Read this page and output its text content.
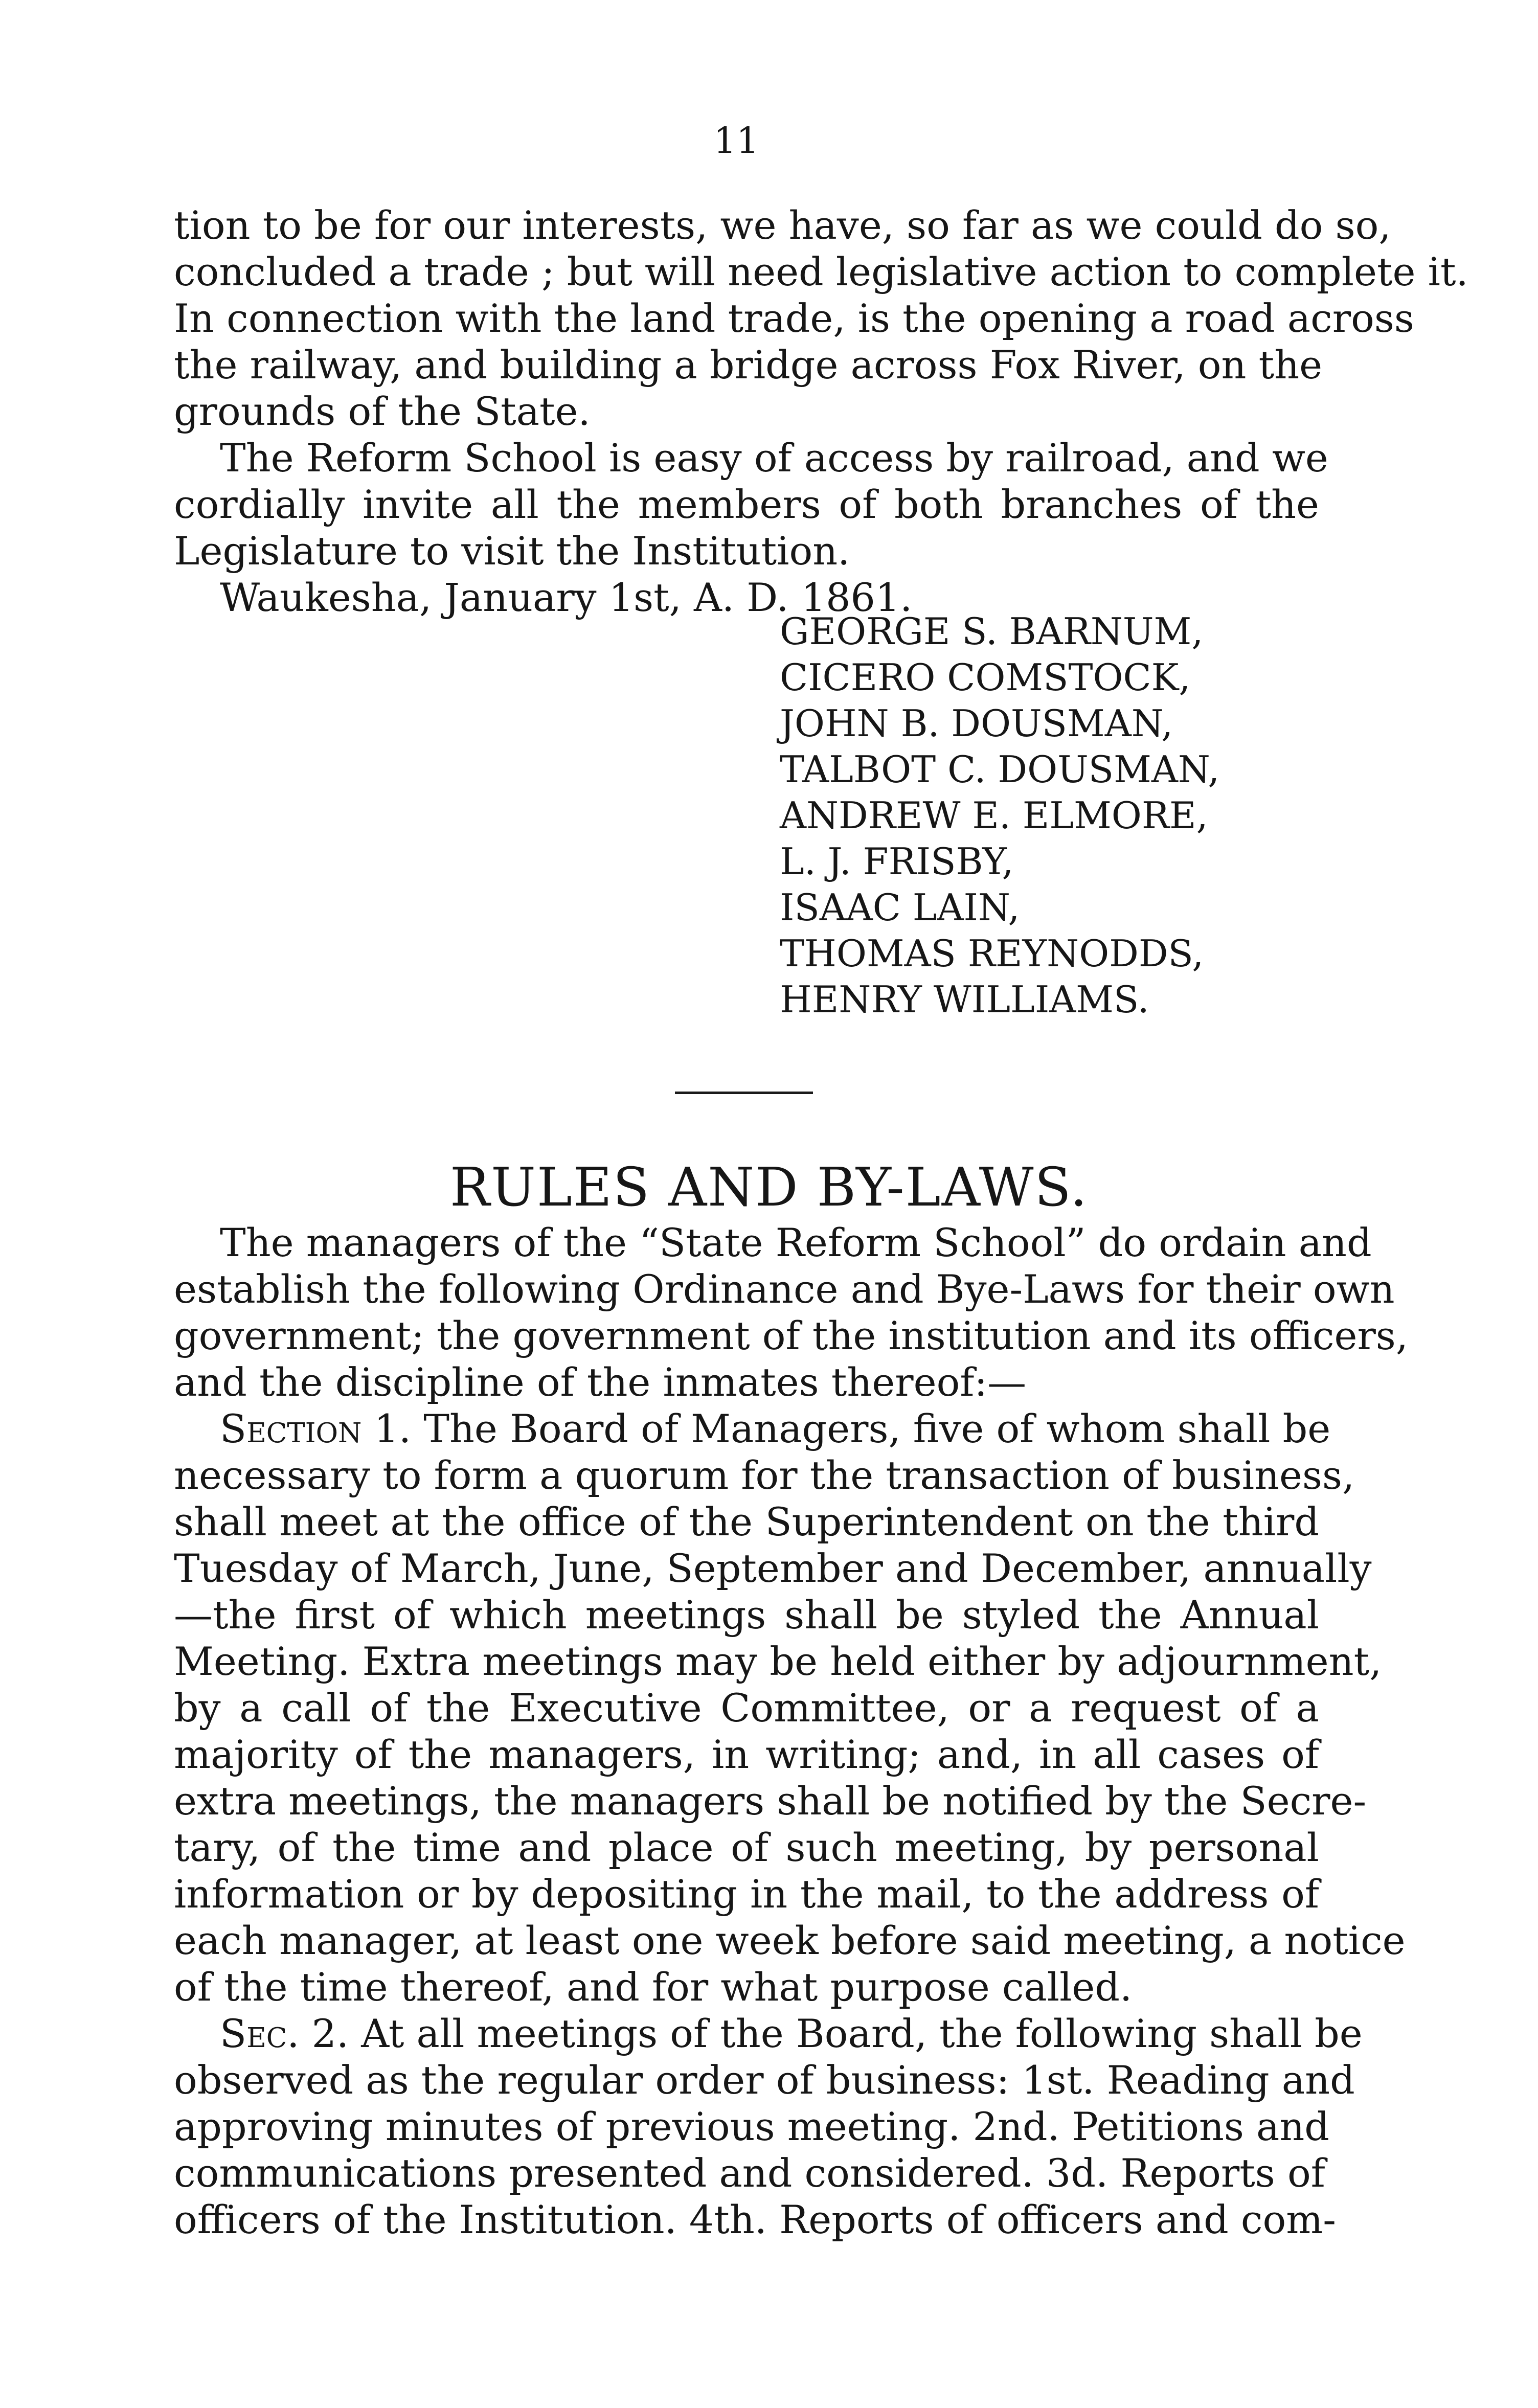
11
tion to be for our interests, we have, so far as we could do so,
concluded a trade ; but will need legislative action to complete it.
In connection with the land trade, is the opening a road across
the railway, and building a bridge across Fox River, on the
grounds of the State.
The Reform School is easy of access by railroad, and we
cordially invite all the members of both branches of the
Legislature to visit the Institution.
Waukesha, January 1st, A. D. 1861.
GEORGE S. BARNUM,
CICERO COMSTOCK,
JOHN B. DOUSMAN,
TALBOT C. DOUSMAN,
ANDREW E. ELMORE,
L. J. FRISBY,
ISAAC LAIN,
THOMAS REYNODDS,
HENRY WILLIAMS.
RULES AND BY-LAWS.
The managers of the “State Reform School” do ordain and
establish the following Ordinance and Bye-Laws for their own
government; the government of the institution and its officers,
and the discipline of the inmates thereof:—
Section 1. The Board of Managers, five of whom shall be
necessary to form a quorum for the transaction of business,
shall meet at the office of the Superintendent on the third
Tuesday of March, June, September and December, annually
—the first of which meetings shall be styled the Annual
Meeting. Extra meetings may be held either by adjournment,
by a call of the Executive Committee, or a request of a
majority of the managers, in writing; and, in all cases of
extra meetings, the managers shall be notified by the Secre-
tary, of the time and place of such meeting, by personal
information or by depositing in the mail, to the address of
each manager, at least one week before said meeting, a notice
of the time thereof, and for what purpose called.
Sec. 2. At all meetings of the Board, the following shall be
observed as the regular order of business: 1st. Reading and
approving minutes of previous meeting. 2nd. Petitions and
communications presented and considered. 3d. Reports of
officers of the Institution. 4th. Reports of officers and com-
